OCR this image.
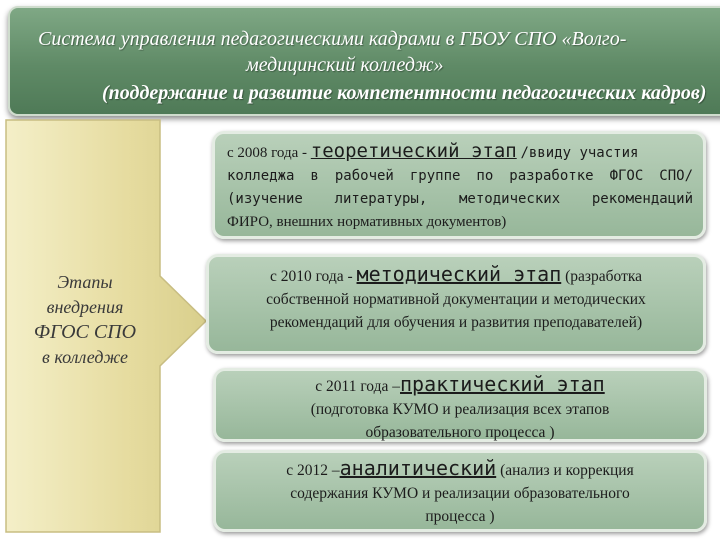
Система управления педагогическими кадрами в ГБОУ СПО «Волго-
медицинский колледж»
(поддержание и развитие компетентности педагогических кадров)
Этапы
внедрения
ФГОС СПО
в колледже
с 2008 года - теоретический этап /ввиду участия
колледжа в рабочей группе по разработке ФГОС СПО/
(изучение литературы, методических рекомендаций
ФИРО, внешних нормативных документов)
с 2010 года - методический этап (разработка
собственной нормативной документации и методических
рекомендаций для обучения и развития преподавателей)
с 2011 года –практический этап
(подготовка КУМО и реализация всех этапов
образовательного процесса )
с 2012 –аналитический (анализ и коррекция
содержания КУМО и реализации образовательного
процесса )
